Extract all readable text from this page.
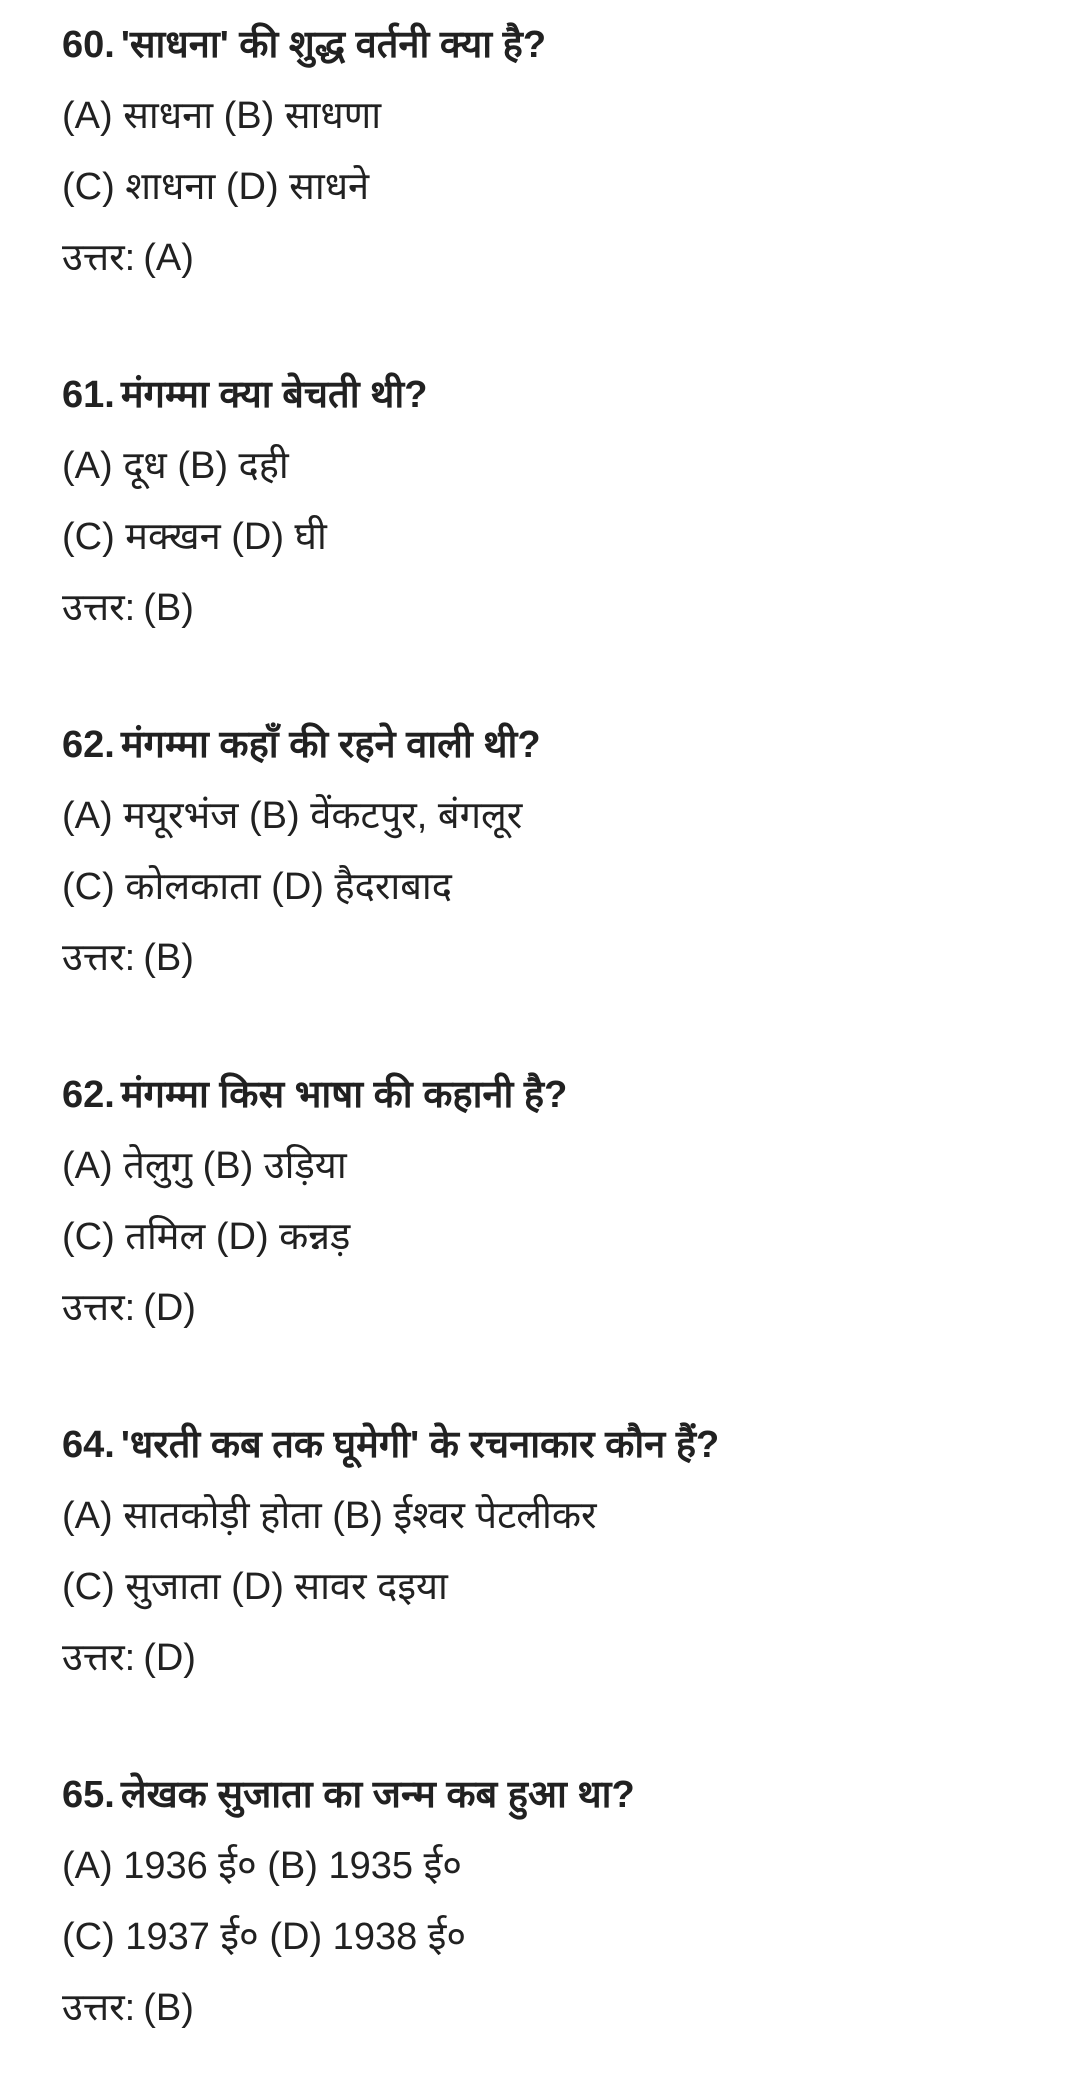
60. 'साधना' की शुद्ध वर्तनी क्या है?

(A) साधना (B) साधणा

(C) शाधना (D) साधने

उत्तर: (A)

61. मंगम्मा क्या बेचती थी?

(A) दूध (B) दही

(C) मक्खन (D) घी

उत्तर: (B)

62. मंगम्मा कहाँ की रहने वाली थी?

(A) मयूरभंज (B) वेंकटपुर, बंगलूर

(C) कोलकाता (D) हैदराबाद

उत्तर: (B)

62. मंगम्मा किस भाषा की कहानी है?

(A) तेलुगु (B) उड़िया

(C) तमिल (D) कन्नड़

उत्तर: (D)

64. 'धरती कब तक घूमेगी' के रचनाकार कौन हैं?

(A) सातकोड़ी होता (B) ईश्वर पेटलीकर

(C) सुजाता (D) सावर दइया

उत्तर: (D)

65. लेखक सुजाता का जन्म कब हुआ था?

(A) 1936 ई० (B) 1935 ई०

(C) 1937 ई० (D) 1938 ई०

उत्तर: (B)
